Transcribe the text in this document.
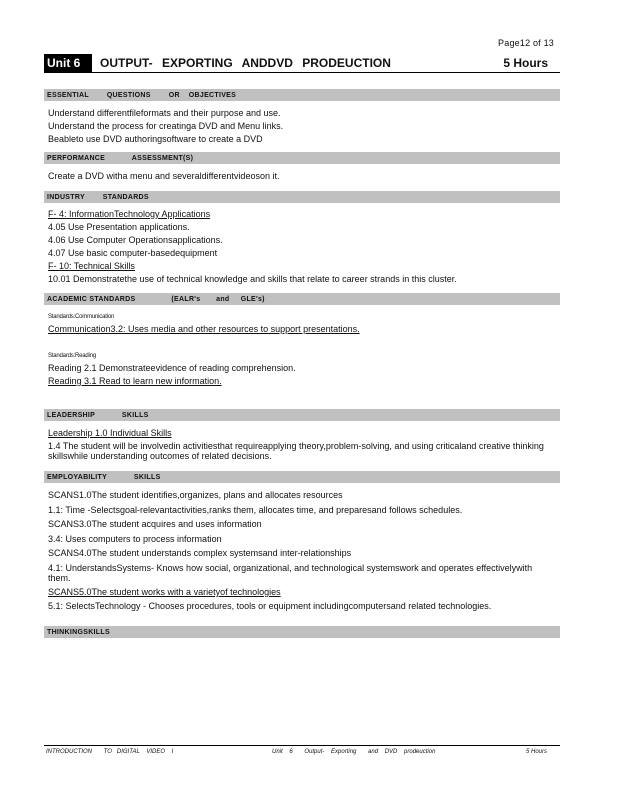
Page12 of 13
Unit 6	OUTPUT- EXPORTING ANDDVD PRODEUCTION	5 Hours
ESSENTIAL        QUESTIONS        OR    OBJECTIVES
Understand differentfileformats and their purpose and use.
Understand the process for creatinga DVD and Menu links.
Beableto use DVD authoringsoftware to create a DVD
PERFORMANCE            ASSESSMENT(S)
Create a DVD witha menu and severaldifferentvideoson it.
INDUSTRY        STANDARDS
F- 4: InformationTechnology Applications
4.05 Use Presentation applications.
4.06 Use Computer Operationsapplications.
4.07 Use basic computer-basedequipment
F- 10: Technical Skills
10.01 Demonstratethe use of technical knowledge and skills that relate to career strands in this cluster.
ACADEMIC STANDARDS                (EALR's       and     GLE's)
Standards:Communication
Communication3.2: Uses media and other resources to support presentations.
Standards:Reading
Reading 2.1 Demonstrateevidence of reading comprehension.
Reading 3.1 Read to learn new information.
LEADERSHIP            SKILLS
Leadership 1.0 Individual Skills
1.4 The student will be involvedin activitiesthat requireapplying theory,problem-solving, and using criticaland creative thinking skillswhile understanding outcomes of related decisions.
EMPLOYABILITY            SKILLS
SCANS1.0The student identifies,organizes, plans and allocates resources
1.1: Time -Selectsgoal-relevantactivities,ranks them, allocates time, and preparesand follows schedules.
SCANS3.0The student acquires and uses information
3.4: Uses computers to process information
SCANS4.0The student understands complex systemsand inter-relationships
4.1: UnderstandsSystems- Knows how social, organizational, and technological systemswork and operates effectivelywith them.
SCANS5.0The student works with a varietyof technologies
5.1: SelectsTechnology - Chooses procedures, tools or equipment includingcomputersand related technologies.
THINKINGSKILLS
INTRODUCTION       TO   DIGITAL    VIDEO    I	Unit    6       Output-    Exporting       and    DVD    prodeuction	5 Hours
